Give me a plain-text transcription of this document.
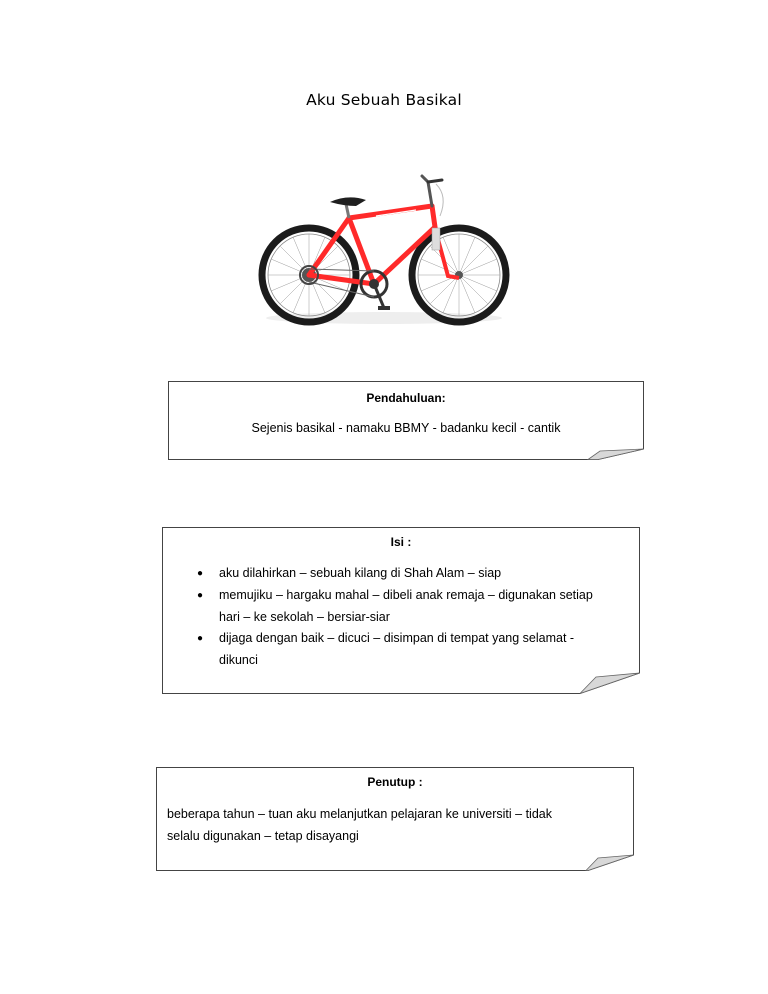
Aku Sebuah Basikal
Pendahuluan:
Sejenis basikal - namaku BBMY - badanku kecil - cantik
Isi :
● aku dilahirkan – sebuah kilang di Shah Alam – siap
● memujiku – hargaku mahal – dibeli anak remaja – digunakan setiap
hari – ke sekolah – bersiar-siar
● dijaga dengan baik – dicuci – disimpan di tempat yang selamat -
dikunci
Penutup :
beberapa tahun – tuan aku melanjutkan pelajaran ke universiti – tidak
selalu digunakan – tetap disayangi
